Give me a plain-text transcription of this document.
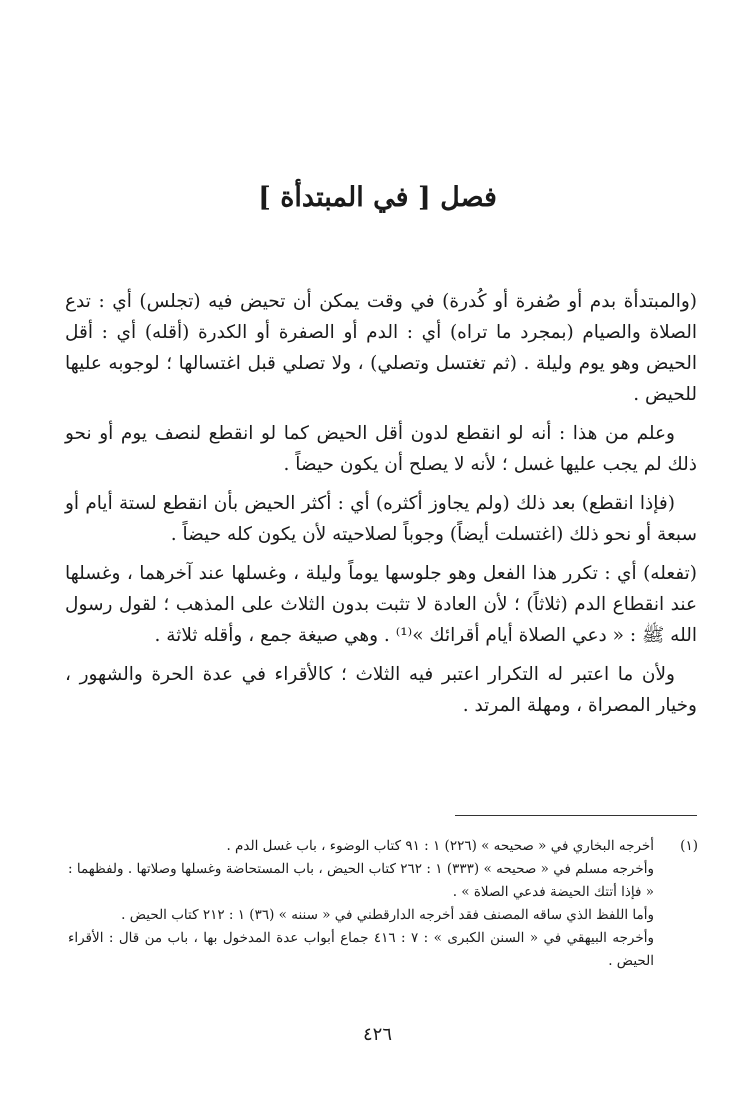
فصل [ في المبتدأة ]

(والمبتدأة بدم أو صُفرة أو كُدرة) في وقت يمكن أن تحيض فيه (تجلس) أي : تدع الصلاة والصيام (بمجرد ما تراه) أي : الدم أو الصفرة أو الكدرة (أقله) أي : أقل الحيض وهو يوم وليلة . (ثم تغتسل وتصلي) ، ولا تصلي قبل اغتسالها ؛ لوجوبه عليها للحيض .

وعلم من هذا : أنه لو انقطع لدون أقل الحيض كما لو انقطع لنصف يوم أو نحو ذلك لم يجب عليها غسل ؛ لأنه لا يصلح أن يكون حيضاً .

(فإذا انقطع) بعد ذلك (ولم يجاوز أكثره) أي : أكثر الحيض بأن انقطع لستة أيام أو سبعة أو نحو ذلك (اغتسلت أيضاً) وجوباً لصلاحيته لأن يكون كله حيضاً .

(تفعله) أي : تكرر هذا الفعل وهو جلوسها يوماً وليلة ، وغسلها عند آخرهما ، وغسلها عند انقطاع الدم (ثلاثاً) ؛ لأن العادة لا تثبت بدون الثلاث على المذهب ؛ لقول رسول الله ﷺ : « دعي الصلاة أيام أقرائك »⁽¹⁾ . وهي صيغة جمع ، وأقله ثلاثة .

ولأن ما اعتبر له التكرار اعتبر فيه الثلاث ؛ كالأقراء في عدة الحرة والشهور ، وخيار المصراة ، ومهلة المرتد .

(١)

أخرجه البخاري في « صحيحه » (٢٢٦) ١ : ٩١ كتاب الوضوء ، باب غسل الدم .

وأخرجه مسلم في « صحيحه » (٣٣٣) ١ : ٢٦٢ كتاب الحيض ، باب المستحاضة وغسلها وصلاتها . ولفظهما : « فإذا أتتك الحيضة فدعي الصلاة » .

وأما اللفظ الذي ساقه المصنف فقد أخرجه الدارقطني في « سننه » (٣٦) ١ : ٢١٢ كتاب الحيض .

وأخرجه البيهقي في « السنن الكبرى » : ٧ : ٤١٦ جماع أبواب عدة المدخول بها ، باب من قال : الأقراء الحيض .

٤٢٦
